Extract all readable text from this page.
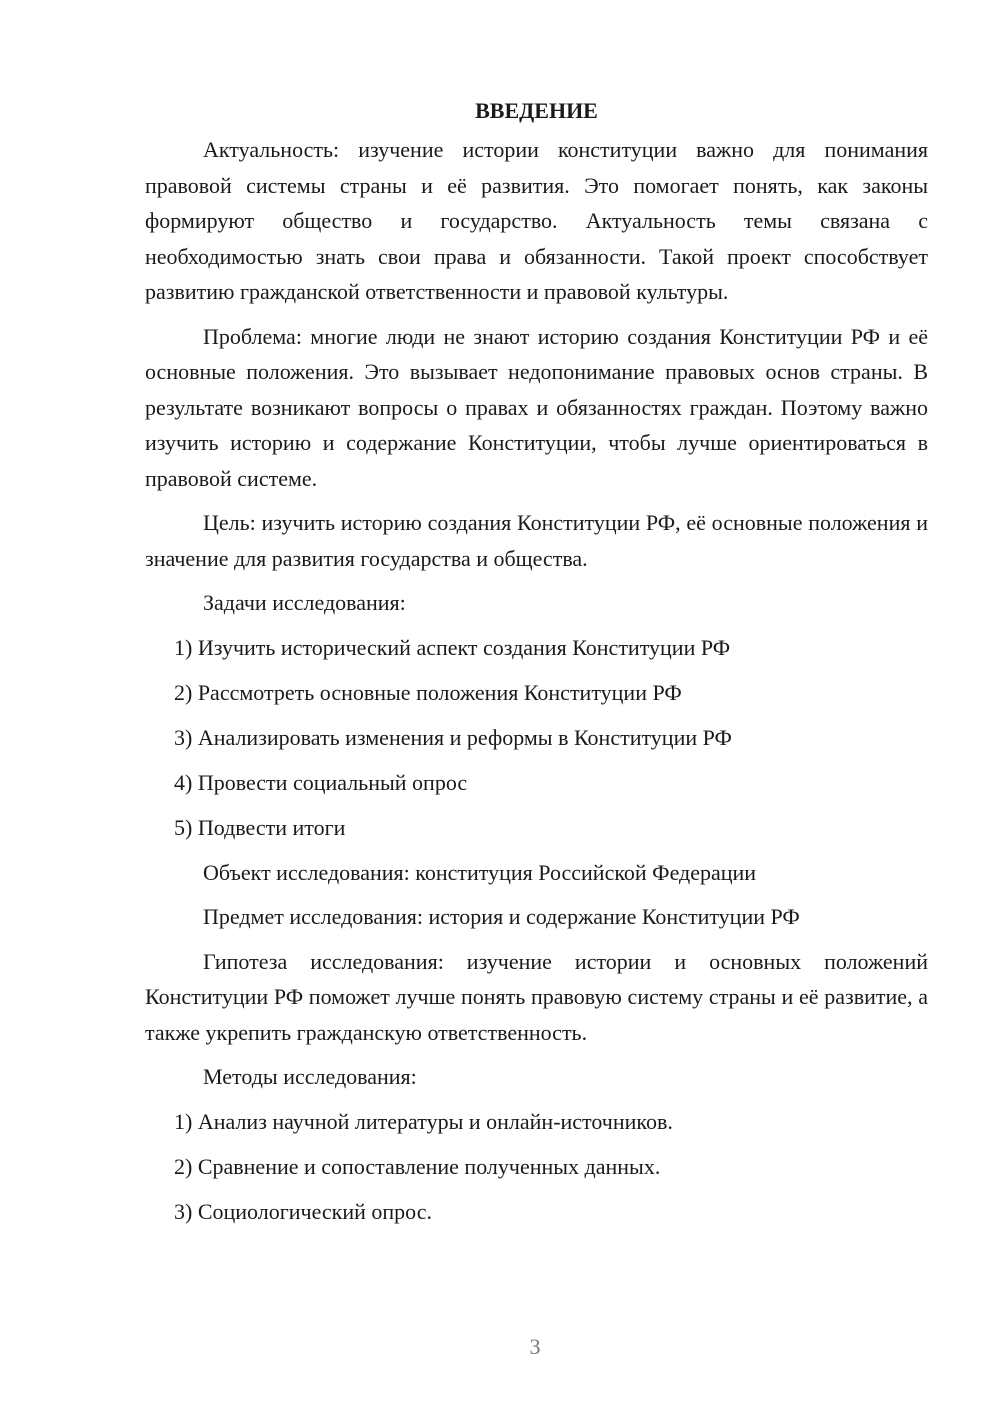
ВВЕДЕНИЕ

Актуальность: изучение истории конституции важно для понимания правовой системы страны и её развития. Это помогает понять, как законы формируют общество и государство. Актуальность темы связана с необходимостью знать свои права и обязанности. Такой проект способствует развитию гражданской ответственности и правовой культуры.

Проблема: многие люди не знают историю создания Конституции РФ и её основные положения. Это вызывает недопонимание правовых основ страны. В результате возникают вопросы о правах и обязанностях граждан. Поэтому важно изучить историю и содержание Конституции, чтобы лучше ориентироваться в правовой системе.

Цель: изучить историю создания Конституции РФ, её основные положения и значение для развития государства и общества.

Задачи исследования:

1) Изучить исторический аспект создания Конституции РФ
2) Рассмотреть основные положения Конституции РФ
3) Анализировать изменения и реформы в Конституции РФ
4) Провести социальный опрос
5) Подвести итоги

Объект исследования: конституция Российской Федерации

Предмет исследования: история и содержание Конституции РФ

Гипотеза исследования: изучение истории и основных положений Конституции РФ поможет лучше понять правовую систему страны и её развитие, а также укрепить гражданскую ответственность.

Методы исследования:

1) Анализ научной литературы и онлайн-источников.
2) Сравнение и сопоставление полученных данных.
3) Социологический опрос.
3
